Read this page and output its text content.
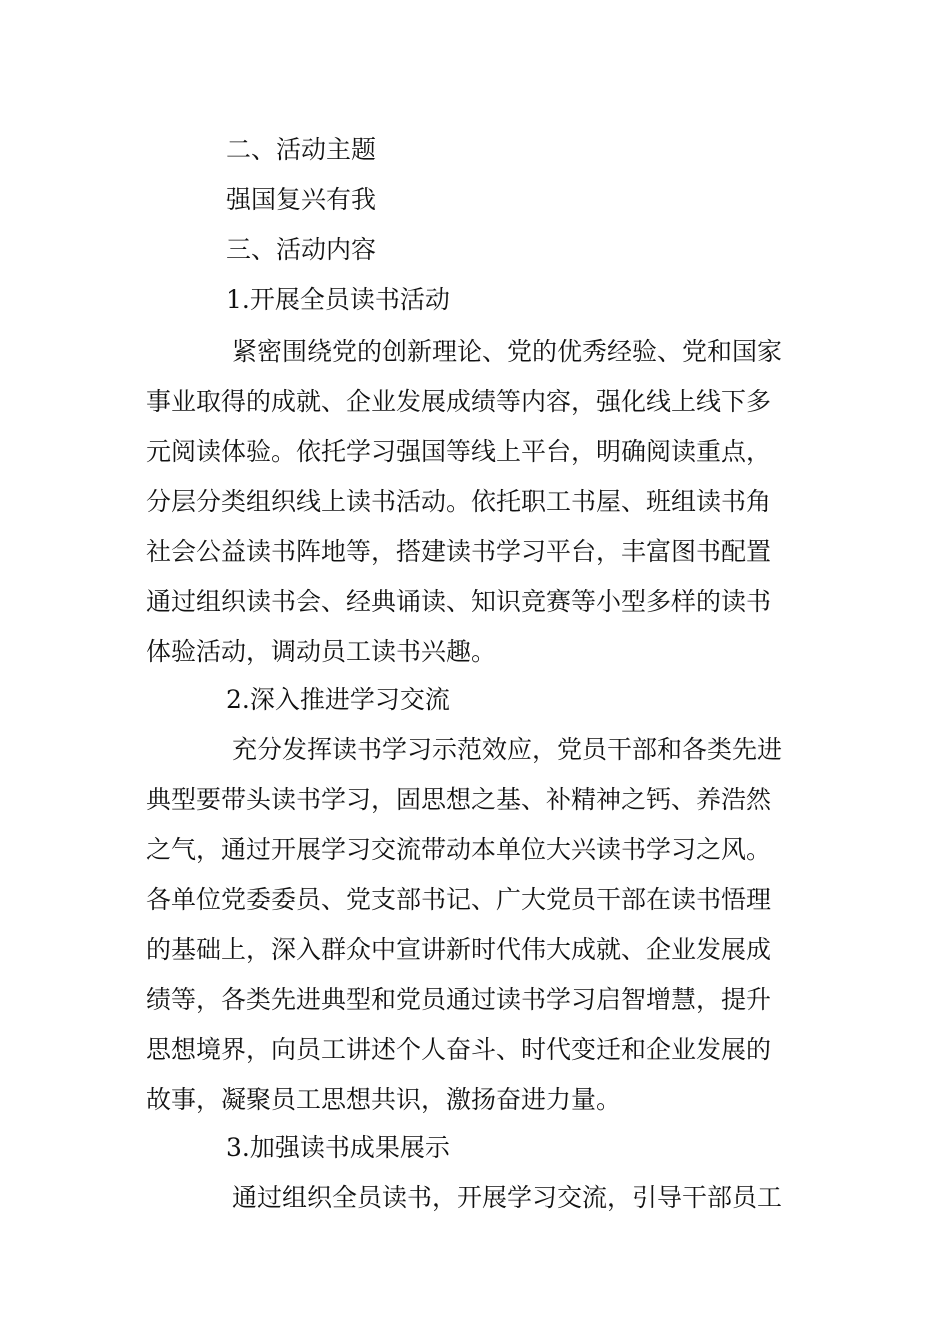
二、活动主题
强国复兴有我
三、活动内容
1.开展全员读书活动
紧密围绕党的创新理论、党的优秀经验、党和国家
事业取得的成就、企业发展成绩等内容，强化线上线下多
元阅读体验。依托学习强国等线上平台，明确阅读重点，
分层分类组织线上读书活动。依托职工书屋、班组读书角
社会公益读书阵地等，搭建读书学习平台，丰富图书配置
通过组织读书会、经典诵读、知识竞赛等小型多样的读书
体验活动，调动员工读书兴趣。
2.深入推进学习交流
充分发挥读书学习示范效应，党员干部和各类先进
典型要带头读书学习，固思想之基、补精神之钙、养浩然
之气，通过开展学习交流带动本单位大兴读书学习之风。
各单位党委委员、党支部书记、广大党员干部在读书悟理
的基础上，深入群众中宣讲新时代伟大成就、企业发展成
绩等，各类先进典型和党员通过读书学习启智增慧，提升
思想境界，向员工讲述个人奋斗、时代变迁和企业发展的
故事，凝聚员工思想共识，激扬奋进力量。
3.加强读书成果展示
通过组织全员读书，开展学习交流，引导干部员工
